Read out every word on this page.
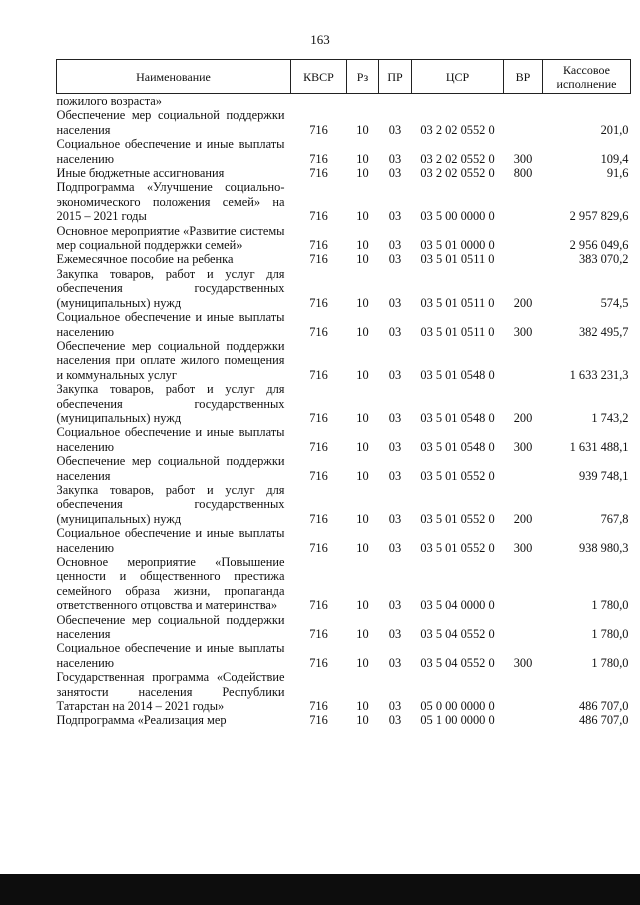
163
Наименование	КВСР	Рз	ПР	ЦСР	ВР	Кассовое
исполнение

пожилого возраста»						
Обеспечение мер социальной поддержки населения	716	10	03	03 2 02 0552 0		201,0
Социальное обеспечение и иные выплаты населению	716	10	03	03 2 02 0552 0	300	109,4
Иные бюджетные ассигнования	716	10	03	03 2 02 0552 0	800	91,6
Подпрограмма «Улучшение социально-экономического положения семей» на 2015 – 2021 годы	716	10	03	03 5 00 0000 0		2 957 829,6
Основное мероприятие «Развитие системы мер социальной поддержки семей»	716	10	03	03 5 01 0000 0		2 956 049,6
Ежемесячное пособие на ребенка	716	10	03	03 5 01 0511 0		383 070,2
Закупка товаров, работ и услуг для обеспечения государственных (муниципальных) нужд	716	10	03	03 5 01 0511 0	200	574,5
Социальное обеспечение и иные выплаты населению	716	10	03	03 5 01 0511 0	300	382 495,7
Обеспечение мер социальной поддержки населения при оплате жилого помещения и коммунальных услуг	716	10	03	03 5 01 0548 0		1 633 231,3
Закупка товаров, работ и услуг для обеспечения государственных (муниципальных) нужд	716	10	03	03 5 01 0548 0	200	1 743,2
Социальное обеспечение и иные выплаты населению	716	10	03	03 5 01 0548 0	300	1 631 488,1
Обеспечение мер социальной поддержки населения	716	10	03	03 5 01 0552 0		939 748,1
Закупка товаров, работ и услуг для обеспечения государственных (муниципальных) нужд	716	10	03	03 5 01 0552 0	200	767,8
Социальное обеспечение и иные выплаты населению	716	10	03	03 5 01 0552 0	300	938 980,3
Основное мероприятие «Повышение ценности и общественного престижа семейного образа жизни, пропаганда ответственного отцовства и материнства»	716	10	03	03 5 04 0000 0		1 780,0
Обеспечение мер социальной поддержки населения	716	10	03	03 5 04 0552 0		1 780,0
Социальное обеспечение и иные выплаты населению	716	10	03	03 5 04 0552 0	300	1 780,0
Государственная программа «Содействие занятости населения Республики Татарстан на 2014 – 2021 годы»	716	10	03	05 0 00 0000 0		486 707,0
Подпрограмма «Реализация мер	716	10	03	05 1 00 0000 0		486 707,0
